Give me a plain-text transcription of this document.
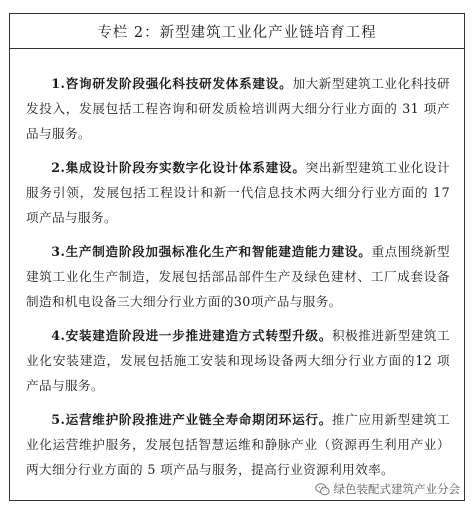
专栏 2：新型建筑工业化产业链培育工程

1.咨询研发阶段强化科技研发体系建设。加大新型建筑工业化科技研发投入，发展包括工程咨询和研发质检培训两大细分行业方面的 31 项产品与服务。

2.集成设计阶段夯实数字化设计体系建设。突出新型建筑工业化设计服务引领，发展包括工程设计和新一代信息技术两大细分行业方面的 17 项产品与服务。

3.生产制造阶段加强标准化生产和智能建造能力建设。重点围绕新型建筑工业化生产制造，发展包括部品部件生产及绿色建材、工厂成套设备制造和机电设备三大细分行业方面的30项产品与服务。

4.安装建造阶段进一步推进建造方式转型升级。积极推进新型建筑工业化安装建造，发展包括施工安装和现场设备两大细分行业方面的12 项产品与服务。

5.运营维护阶段推进产业链全寿命期闭环运行。推广应用新型建筑工业化运营维护服务，发展包括智慧运维和静脉产业（资源再生利用产业）两大细分行业方面的 5 项产品与服务，提高行业资源利用效率。

绿色装配式建筑产业分会
